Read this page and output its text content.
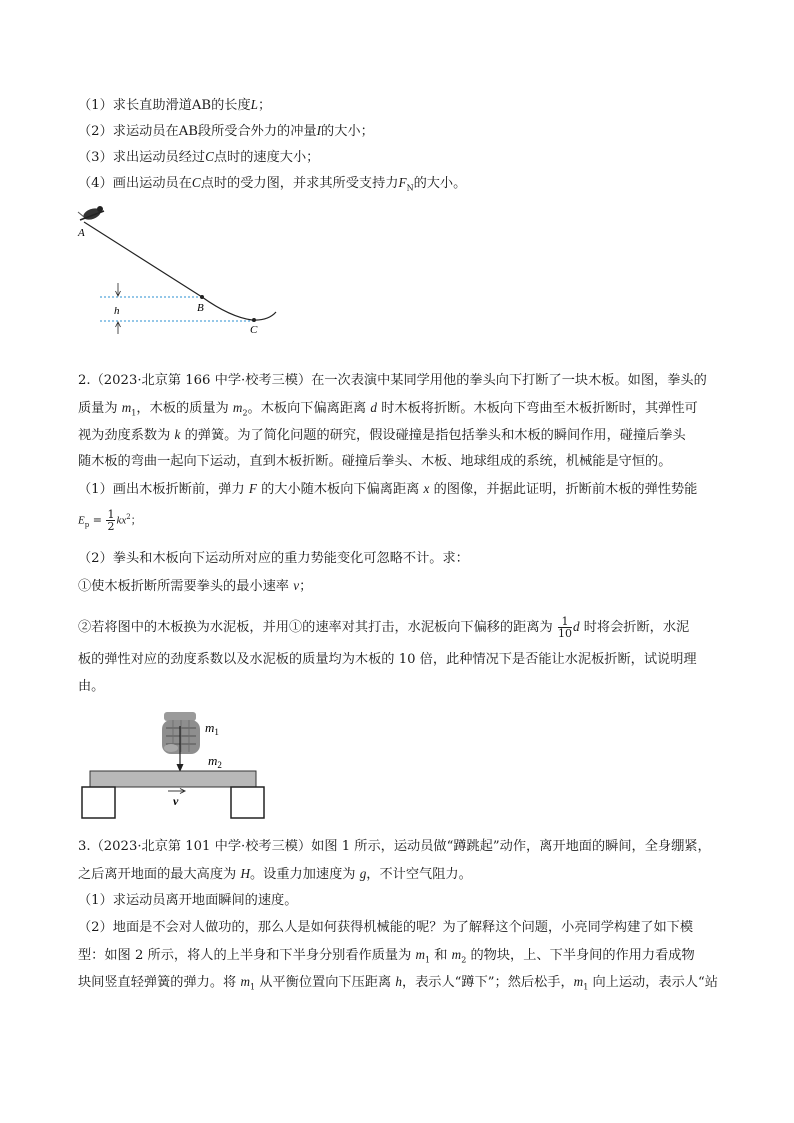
（1）求长直助滑道AB的长度L；
（2）求运动员在AB段所受合外力的冲量I的大小；
（3）求出运动员经过C点时的速度大小；
（4）画出运动员在C点时的受力图，并求其所受支持力$F_N$的大小。
A
B
C
h
2.（2023·北京第 166 中学·校考三模）在一次表演中某同学用他的拳头向下打断了一块木板。如图，拳头的
质量为 $m_1$，木板的质量为 $m_2$。木板向下偏离距离 d 时木板将折断。木板向下弯曲至木板折断时，其弹性可
视为劲度系数为 k 的弹簧。为了简化问题的研究，假设碰撞是指包括拳头和木板的瞬间作用，碰撞后拳头
随木板的弯曲一起向下运动，直到木板折断。碰撞后拳头、木板、地球组成的系统，机械能是守恒的。
（1）画出木板折断前，弹力 F 的大小随木板向下偏离距离 x 的图像，并据此证明，折断前木板的弹性势能
$E_p = \frac{1}{2} kx^2$；
（2）拳头和木板向下运动所对应的重力势能变化可忽略不计。求：
①使木板折断所需要拳头的最小速率 v；
②若将图中的木板换为水泥板，并用①的速率对其打击，水泥板向下偏移的距离为 $\frac{1}{10}$ d 时将会折断，水泥
板的弹性对应的劲度系数以及水泥板的质量均为木板的 10 倍，此种情况下是否能让水泥板折断，试说明理
由。
$m_1$
$m_2$
v
3.（2023·北京第 101 中学·校考三模）如图 1 所示，运动员做“蹲跳起”动作，离开地面的瞬间，全身绷紧，
之后离开地面的最大高度为 H。设重力加速度为 g，不计空气阻力。
（1）求运动员离开地面瞬间的速度。
（2）地面是不会对人做功的，那么人是如何获得机械能的呢？为了解释这个问题，小亮同学构建了如下模
型：如图 2 所示，将人的上半身和下半身分别看作质量为 $m_1$ 和 $m_2$ 的物块，上、下半身间的作用力看成物
块间竖直轻弹簧的弹力。将 $m_1$ 从平衡位置向下压距离 h，表示人“蹲下”；然后松手，$m_1$ 向上运动，表示人“站
